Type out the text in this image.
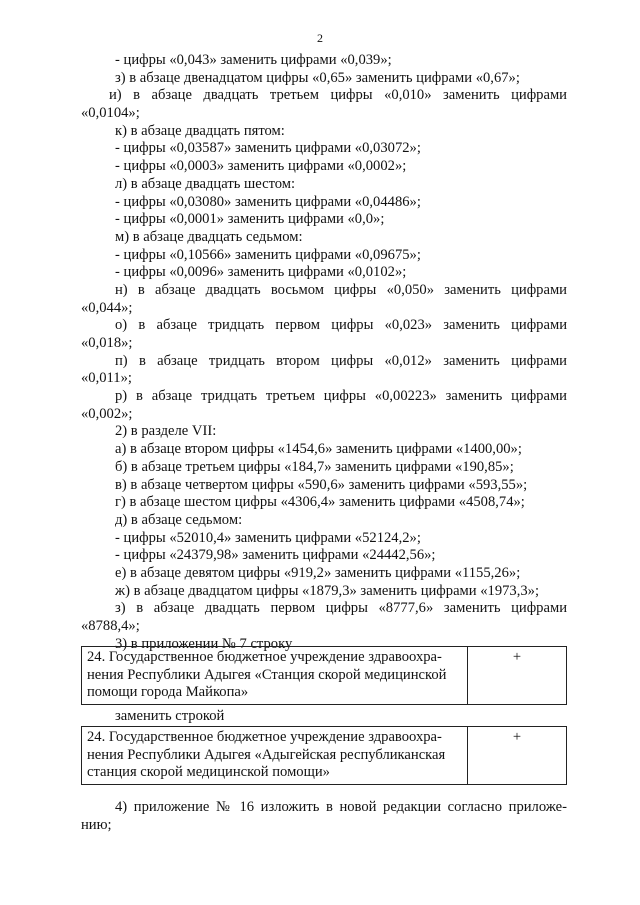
2
- цифры «0,043» заменить цифрами «0,039»;
з) в абзаце двенадцатом цифры «0,65» заменить цифрами «0,67»;
и) в абзаце двадцать третьем цифры «0,010» заменить цифрами
«0,0104»;
к) в абзаце двадцать пятом:
- цифры «0,03587» заменить цифрами «0,03072»;
- цифры «0,0003» заменить цифрами «0,0002»;
л) в абзаце двадцать шестом:
- цифры «0,03080» заменить цифрами «0,04486»;
- цифры «0,0001» заменить цифрами «0,0»;
м) в абзаце двадцать седьмом:
- цифры «0,10566» заменить цифрами «0,09675»;
- цифры «0,0096» заменить цифрами «0,0102»;
н) в абзаце двадцать восьмом цифры «0,050» заменить цифрами
«0,044»;
о) в абзаце тридцать первом цифры «0,023» заменить цифрами
«0,018»;
п) в абзаце тридцать втором цифры «0,012» заменить цифрами
«0,011»;
р) в абзаце тридцать третьем цифры «0,00223» заменить цифрами
«0,002»;
2) в разделе VII:
а) в абзаце втором цифры «1454,6» заменить цифрами «1400,00»;
б) в абзаце третьем цифры «184,7» заменить цифрами «190,85»;
в) в абзаце четвертом цифры «590,6» заменить цифрами «593,55»;
г) в абзаце шестом цифры «4306,4» заменить цифрами «4508,74»;
д) в абзаце седьмом:
- цифры «52010,4» заменить цифрами «52124,2»;
- цифры «24379,98» заменить цифрами «24442,56»;
е) в абзаце девятом цифры «919,2» заменить цифрами «1155,26»;
ж) в абзаце двадцатом цифры «1879,3» заменить цифрами «1973,3»;
з) в абзаце двадцать первом цифры «8777,6» заменить цифрами
«8788,4»;
3) в приложении № 7 строку
24. Государственное бюджетное учреждение здравоохра-
нения Республики Адыгея «Станция скорой медицинской
помощи города Майкопа»
+
заменить строкой
24. Государственное бюджетное учреждение здравоохра-
нения Республики Адыгея «Адыгейская республиканская
станция скорой медицинской помощи»
+
4) приложение № 16 изложить в новой редакции согласно приложе-
нию;
